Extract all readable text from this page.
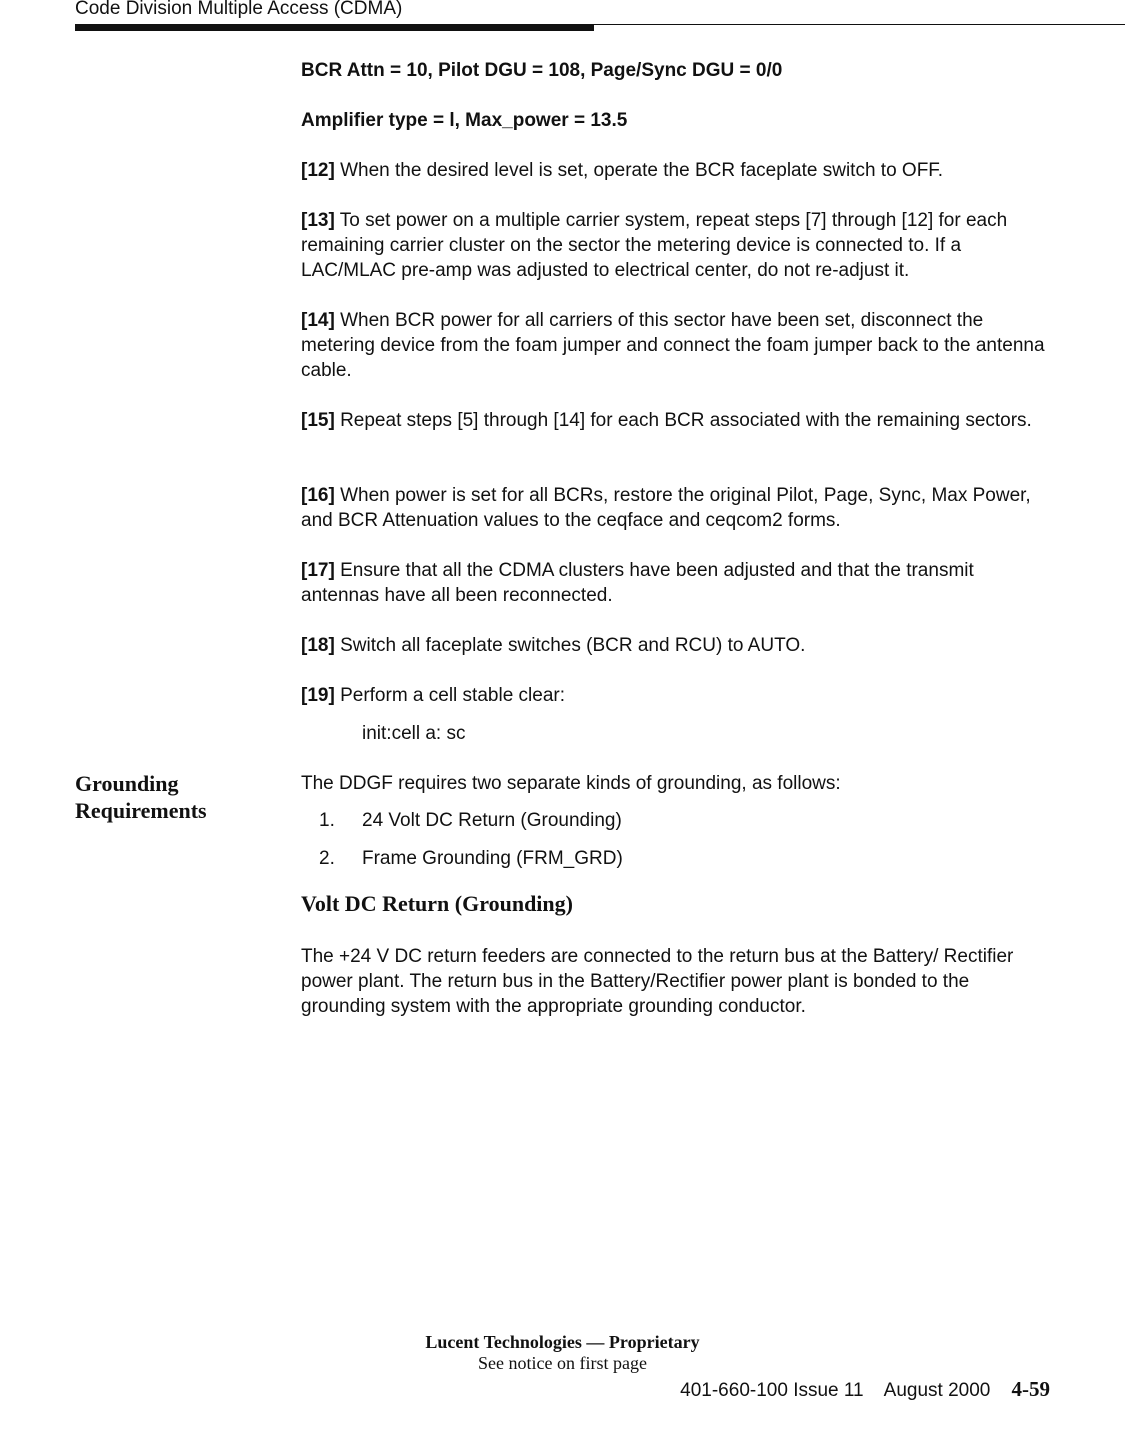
Code Division Multiple Access (CDMA)
BCR Attn = 10, Pilot DGU = 108, Page/Sync DGU = 0/0
Amplifier type = l, Max_power = 13.5

[12] When the desired level is set, operate the BCR faceplate switch to OFF.

[13] To set power on a multiple carrier system, repeat steps [7] through [12] for each remaining carrier cluster on the sector the metering device is connected to. If a LAC/MLAC pre-amp was adjusted to electrical center, do not re-adjust it.

[14] When BCR power for all carriers of this sector have been set, disconnect the metering device from the foam jumper and connect the foam jumper back to the antenna cable.

[15] Repeat steps [5] through [14] for each BCR associated with the remaining sectors.

[16] When power is set for all BCRs, restore the original Pilot, Page, Sync, Max Power, and BCR Attenuation values to the ceqface and ceqcom2 forms.

[17] Ensure that all the CDMA clusters have been adjusted and that the transmit antennas have all been reconnected.

[18] Switch all faceplate switches (BCR and RCU) to AUTO.

[19] Perform a cell stable clear:

init:cell a: sc
Grounding
Requirements
The DDGF requires two separate kinds of grounding, as follows:
1. 24 Volt DC Return (Grounding)
2. Frame Grounding (FRM_GRD)
Volt DC Return (Grounding)
The +24 V DC return feeders are connected to the return bus at the Battery/ Rectifier power plant. The return bus in the Battery/Rectifier power plant is bonded to the grounding system with the appropriate grounding conductor.
Lucent Technologies — Proprietary
See notice on first page
401-660-100 Issue 11    August 2000    4-59
